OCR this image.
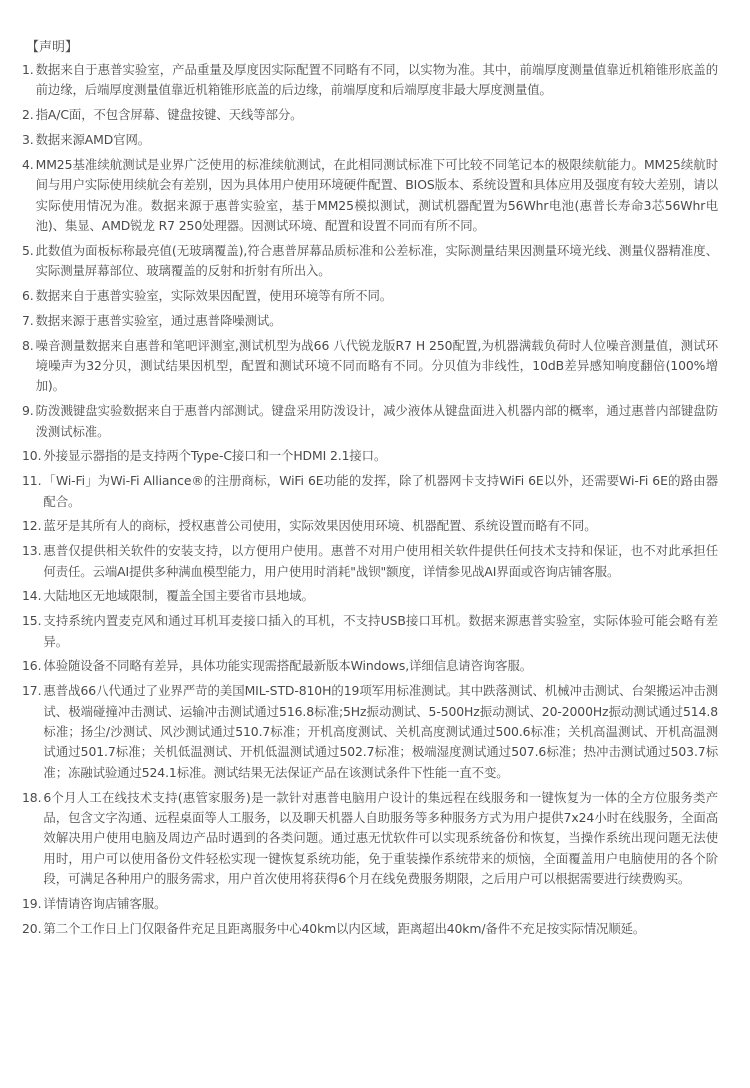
【声明】
1. 数据来自于惠普实验室，产品重量及厚度因实际配置不同略有不同，以实物为准。其中，前端厚度测量值靠近机箱锥形底盖的前边缘，后端厚度测量值靠近机箱锥形底盖的后边缘，前端厚度和后端厚度非最大厚度测量值。
2. 指A/C面，不包含屏幕、键盘按键、天线等部分。
3. 数据来源AMD官网。
4. MM25基准续航测试是业界广泛使用的标准续航测试，在此相同测试标准下可比较不同笔记本的极限续航能力。MM25续航时间与用户实际使用续航会有差别，因为具体用户使用环境硬件配置、BIOS版本、系统设置和具体应用及强度有较大差别，请以实际使用情况为准。数据来源于惠普实验室，基于MM25模拟测试，测试机器配置为56Whr电池(惠普长寿命3芯56Whr电池)、集显、AMD锐龙 R7 250处理器。因测试环境、配置和设置不同而有所不同。
5. 此数值为面板标称最亮值(无玻璃覆盖),符合惠普屏幕品质标准和公差标准，实际测量结果因测量环境光线、测量仪器精准度、实际测量屏幕部位、玻璃覆盖的反射和折射有所出入。
6. 数据来自于惠普实验室，实际效果因配置，使用环境等有所不同。
7. 数据来源于惠普实验室，通过惠普降噪测试。
8. 噪音测量数据来自惠普和笔吧评测室,测试机型为战66 八代锐龙版R7 H 250配置,为机器满载负荷时人位噪音测量值，测试环境噪声为32分贝，测试结果因机型，配置和测试环境不同而略有不同。分贝值为非线性，10dB差异感知响度翻倍(100%增加)。
9. 防泼溅键盘实验数据来自于惠普内部测试。键盘采用防泼设计，减少液体从键盘面进入机器内部的概率，通过惠普内部键盘防泼测试标准。
10. 外接显示器指的是支持两个Type-C接口和一个HDMI 2.1接口。
11. 「Wi-Fi」为Wi-Fi Alliance®的注册商标，WiFi 6E功能的发挥，除了机器网卡支持WiFi 6E以外，还需要Wi-Fi 6E的路由器配合。
12. 蓝牙是其所有人的商标，授权惠普公司使用，实际效果因使用环境、机器配置、系统设置而略有不同。
13. 惠普仅提供相关软件的安装支持，以方便用户使用。惠普不对用户使用相关软件提供任何技术支持和保证，也不对此承担任何责任。云端AI提供多种满血模型能力，用户使用时消耗"战钡"额度，详情参见战AI界面或咨询店铺客服。
14. 大陆地区无地域限制，覆盖全国主要省市县地域。
15. 支持系统内置麦克风和通过耳机耳麦接口插入的耳机，不支持USB接口耳机。数据来源惠普实验室，实际体验可能会略有差异。
16. 体验随设备不同略有差异，具体功能实现需搭配最新版本Windows,详细信息请咨询客服。
17. 惠普战66八代通过了业界严苛的美国MIL-STD-810H的19项军用标准测试。其中跌落测试、机械冲击测试、台架搬运冲击测试、极端碰撞冲击测试、运输冲击测试通过516.8标准;5Hz振动测试、5-500Hz振动测试、20-2000Hz振动测试通过514.8标准；扬尘/沙测试、风沙测试通过510.7标准；开机高度测试、关机高度测试通过500.6标准；关机高温测试、开机高温测试通过501.7标准；关机低温测试、开机低温测试通过502.7标准；极端湿度测试通过507.6标准；热冲击测试通过503.7标准；冻融试验通过524.1标准。测试结果无法保证产品在该测试条件下性能一直不变。
18. 6个月人工在线技术支持(惠管家服务)是一款针对惠普电脑用户设计的集远程在线服务和一键恢复为一体的全方位服务类产品，包含文字沟通、远程桌面等人工服务，以及聊天机器人自助服务等多种服务方式为用户提供7x24小时在线服务，全面高效解决用户使用电脑及周边产品时遇到的各类问题。通过惠无忧软件可以实现系统备份和恢复，当操作系统出现问题无法使用时，用户可以使用备份文件轻松实现一键恢复系统功能，免于重装操作系统带来的烦恼，全面覆盖用户电脑使用的各个阶段，可满足各种用户的服务需求，用户首次使用将获得6个月在线免费服务期限，之后用户可以根据需要进行续费购买。
19. 详情请咨询店铺客服。
20. 第二个工作日上门仅限备件充足且距离服务中心40km以内区域，距离超出40km/备件不充足按实际情况顺延。
